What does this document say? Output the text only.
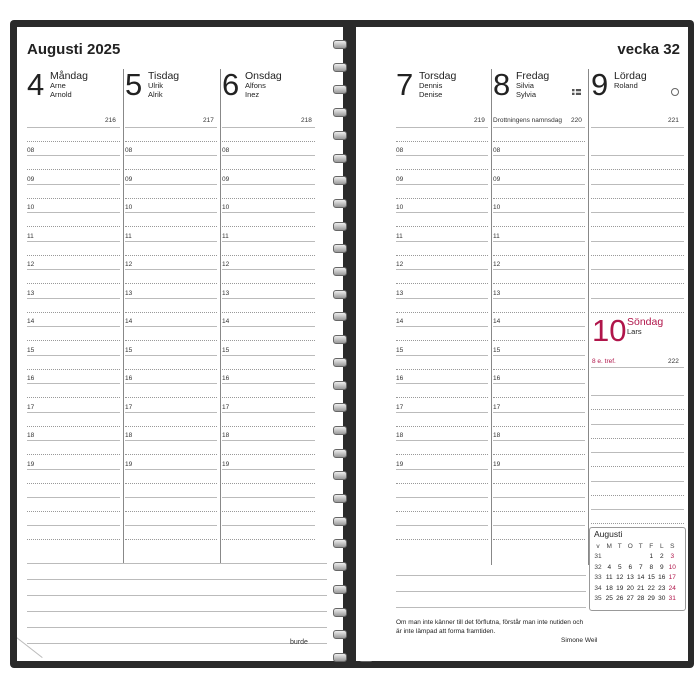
Augusti 2025
4 Måndag
Arne
Arnold
216
5 Tisdag
Ulrik
Alrik
217
6 Onsdag
Alfons
Inez
218
08	08	08
09	09	09
10	10	10
11	11	11
12	12	12
13	13	13
14	14	14
15	15	15
16	16	16
17	17	17
18	18	18
19	19	19
burde
vecka 32
7 Torsdag
Dennis
Denise
219
8 Fredag
Silvia
Sylvia
Drottningens namnsdag 220
9 Lördag
Roland
221
10 Söndag
Lars
8 e. tref.	222
08	08
09	09
10	10
11	11
12	12
13	13
14	14
15	15
16	16
17	17
18	18
19	19
Augusti
v	M	T	O	T	F	L	S
31					1	2	3
32	4	5	6	7	8	9	10
33	11	12	13	14	15	16	17
34	18	19	20	21	22	23	24
35	25	26	27	28	29	30	31
Om man inte känner till det förflutna, förstår man inte nutiden och är inte lämpad att forma framtiden.
Simone Weil
